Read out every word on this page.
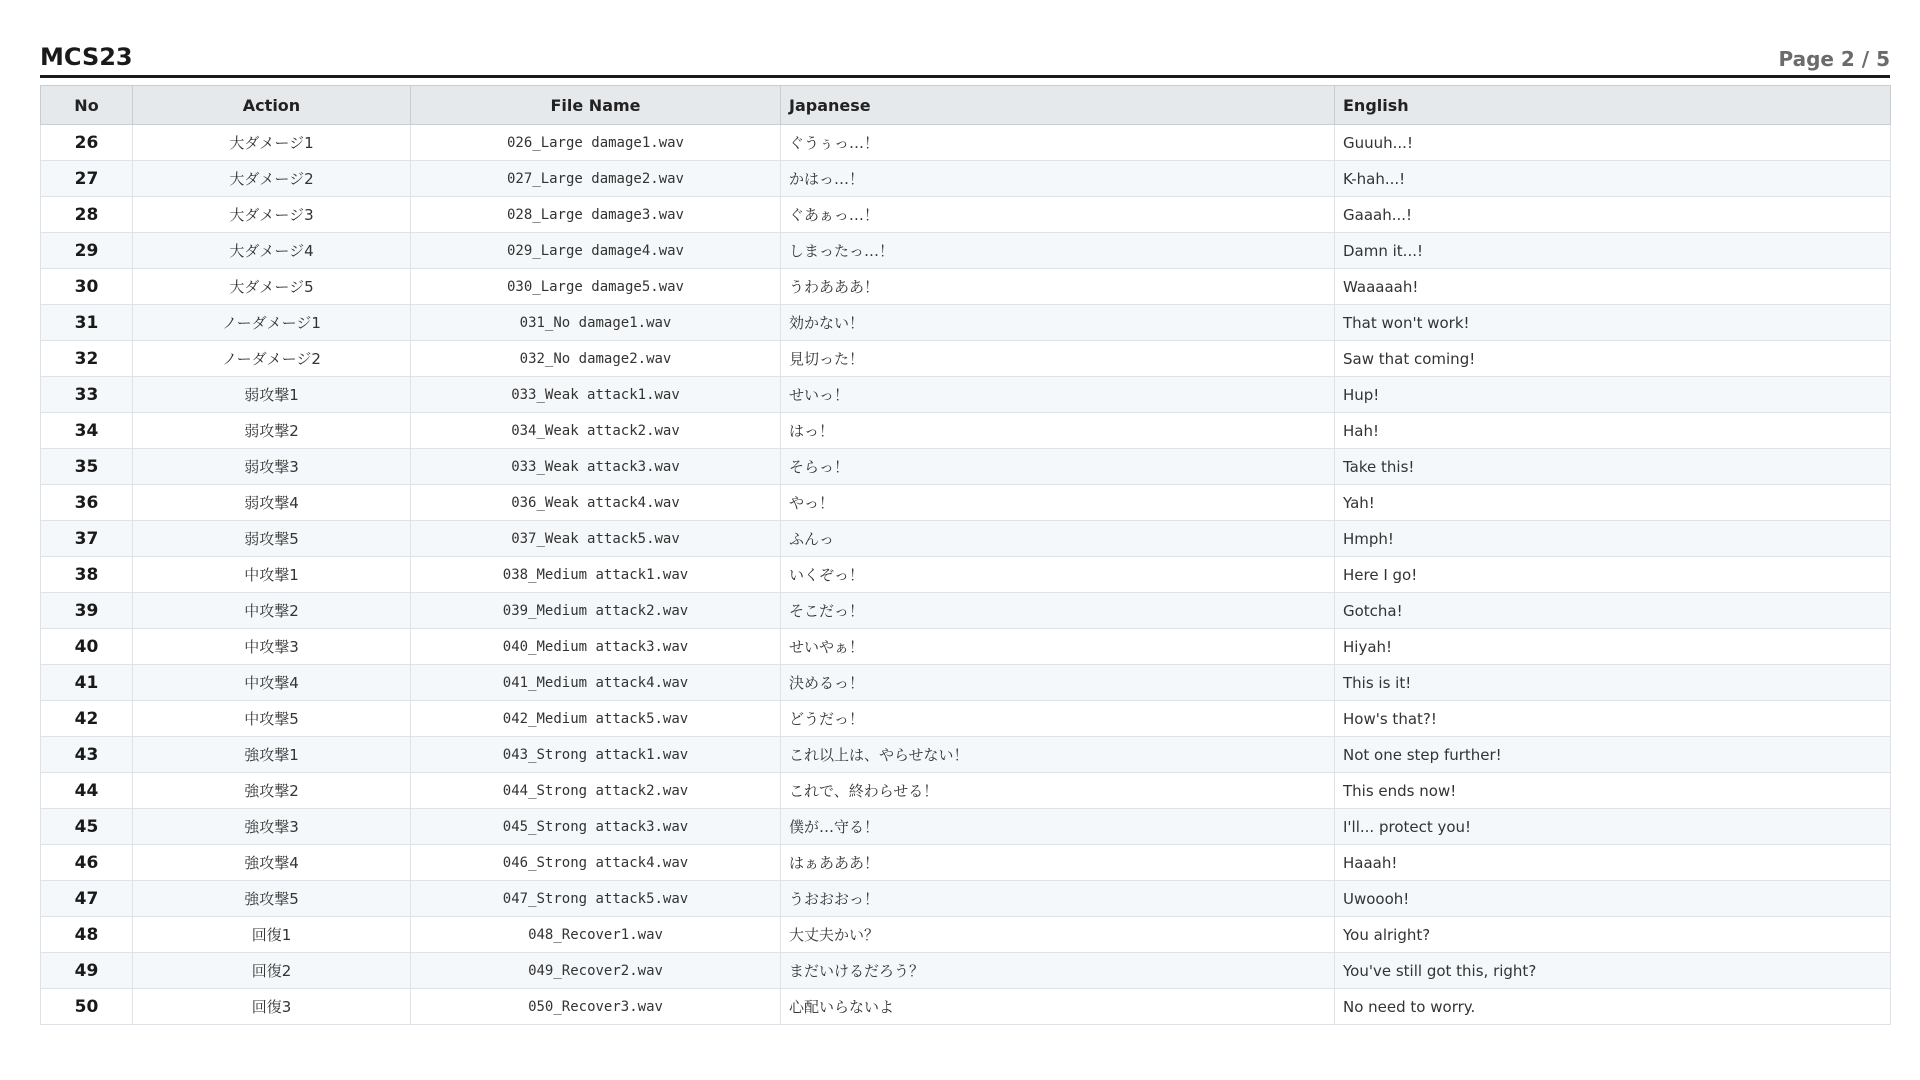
MCS23	Page 2 / 5
No	Action	File Name	Japanese	English
26	大ダメージ1	026_Large damage1.wav	ぐうぅっ…！	Guuuh...!
27	大ダメージ2	027_Large damage2.wav	かはっ…！	K-hah...!
28	大ダメージ3	028_Large damage3.wav	ぐあぁっ…！	Gaaah...!
29	大ダメージ4	029_Large damage4.wav	しまったっ…！	Damn it...!
30	大ダメージ5	030_Large damage5.wav	うわあああ！	Waaaaah!
31	ノーダメージ1	031_No damage1.wav	効かない！	That won't work!
32	ノーダメージ2	032_No damage2.wav	見切った！	Saw that coming!
33	弱攻撃1	033_Weak attack1.wav	せいっ！	Hup!
34	弱攻撃2	034_Weak attack2.wav	はっ！	Hah!
35	弱攻撃3	033_Weak attack3.wav	そらっ！	Take this!
36	弱攻撃4	036_Weak attack4.wav	やっ！	Yah!
37	弱攻撃5	037_Weak attack5.wav	ふんっ	Hmph!
38	中攻撃1	038_Medium attack1.wav	いくぞっ！	Here I go!
39	中攻撃2	039_Medium attack2.wav	そこだっ！	Gotcha!
40	中攻撃3	040_Medium attack3.wav	せいやぁ！	Hiyah!
41	中攻撃4	041_Medium attack4.wav	決めるっ！	This is it!
42	中攻撃5	042_Medium attack5.wav	どうだっ！	How's that?!
43	強攻撃1	043_Strong attack1.wav	これ以上は、やらせない！	Not one step further!
44	強攻撃2	044_Strong attack2.wav	これで、終わらせる！	This ends now!
45	強攻撃3	045_Strong attack3.wav	僕が…守る！	I'll... protect you!
46	強攻撃4	046_Strong attack4.wav	はぁあああ！	Haaah!
47	強攻撃5	047_Strong attack5.wav	うおおおっ！	Uwoooh!
48	回復1	048_Recover1.wav	大丈夫かい？	You alright?
49	回復2	049_Recover2.wav	まだいけるだろう？	You've still got this, right?
50	回復3	050_Recover3.wav	心配いらないよ	No need to worry.
